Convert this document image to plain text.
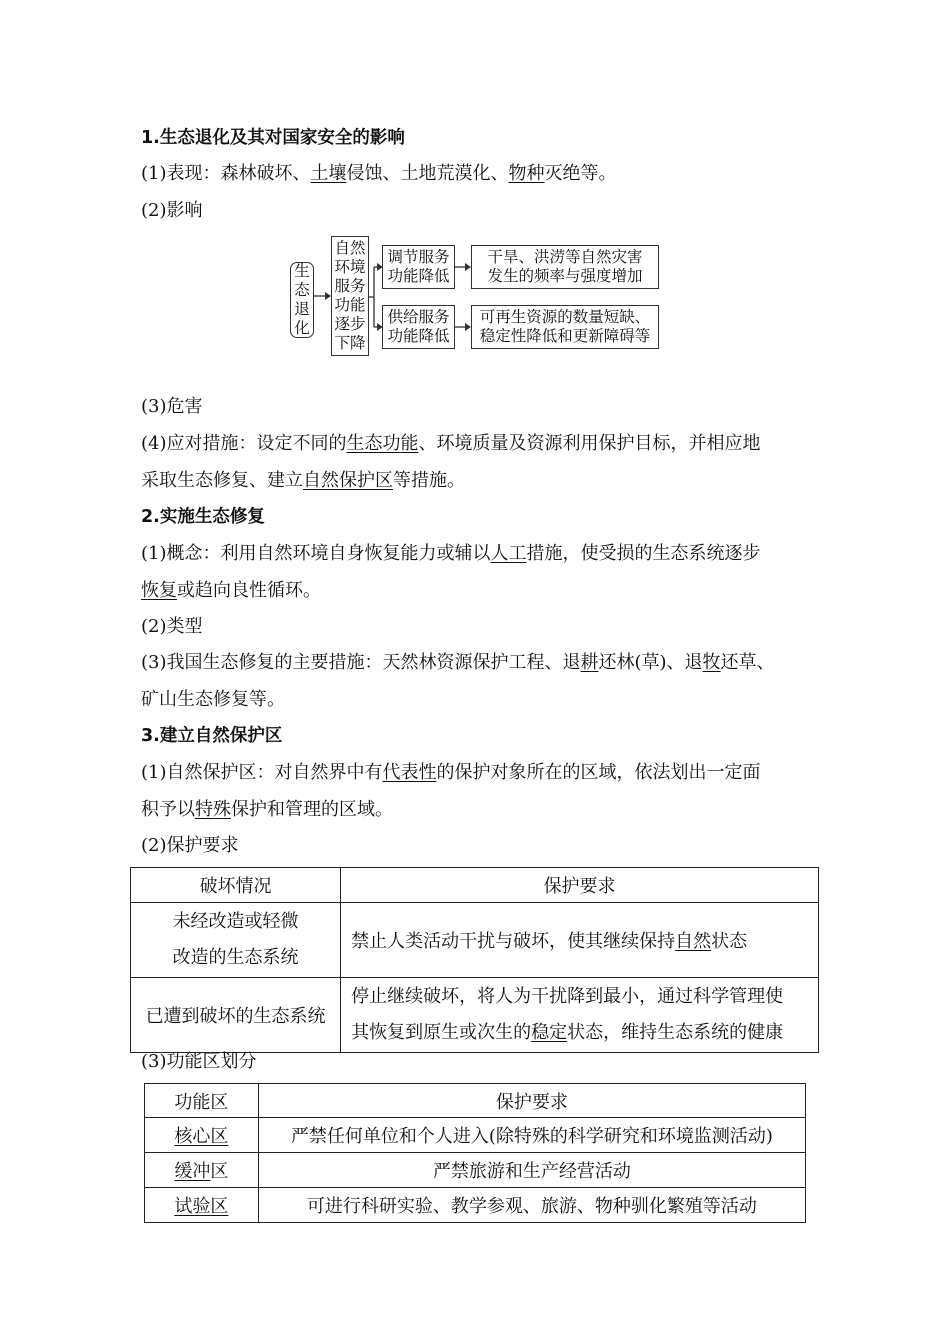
1.生态退化及其对国家安全的影响
(1)表现：森林破坏、土壤侵蚀、土地荒漠化、物种灭绝等。
(2)影响
生
态
退
化
自然
环境
服务
功能
逐步
下降
调节服务
功能降低
干旱、洪涝等自然灾害
发生的频率与强度增加
供给服务
功能降低
可再生资源的数量短缺、
稳定性降低和更新障碍等
(3)危害
(4)应对措施：设定不同的生态功能、环境质量及资源利用保护目标，并相应地
采取生态修复、建立自然保护区等措施。
2.实施生态修复
(1)概念：利用自然环境自身恢复能力或辅以人工措施，使受损的生态系统逐步
恢复或趋向良性循环。
(2)类型
(3)我国生态修复的主要措施：天然林资源保护工程、退耕还林(草)、退牧还草、
矿山生态修复等。
3.建立自然保护区
(1)自然保护区：对自然界中有代表性的保护对象所在的区域，依法划出一定面
积予以特殊保护和管理的区域。
(2)保护要求
破坏情况	保护要求

未经改造或轻微
改造的生态系统	禁止人类活动干扰与破坏，使其继续保持自然状态
已遭到破坏的生态系统	停止继续破坏，将人为干扰降到最小，通过科学管理使
其恢复到原生或次生的稳定状态，维持生态系统的健康
(3)功能区划分
功能区	保护要求
核心区	严禁任何单位和个人进入(除特殊的科学研究和环境监测活动)
缓冲区	严禁旅游和生产经营活动
试验区	可进行科研实验、教学参观、旅游、物种驯化繁殖等活动
